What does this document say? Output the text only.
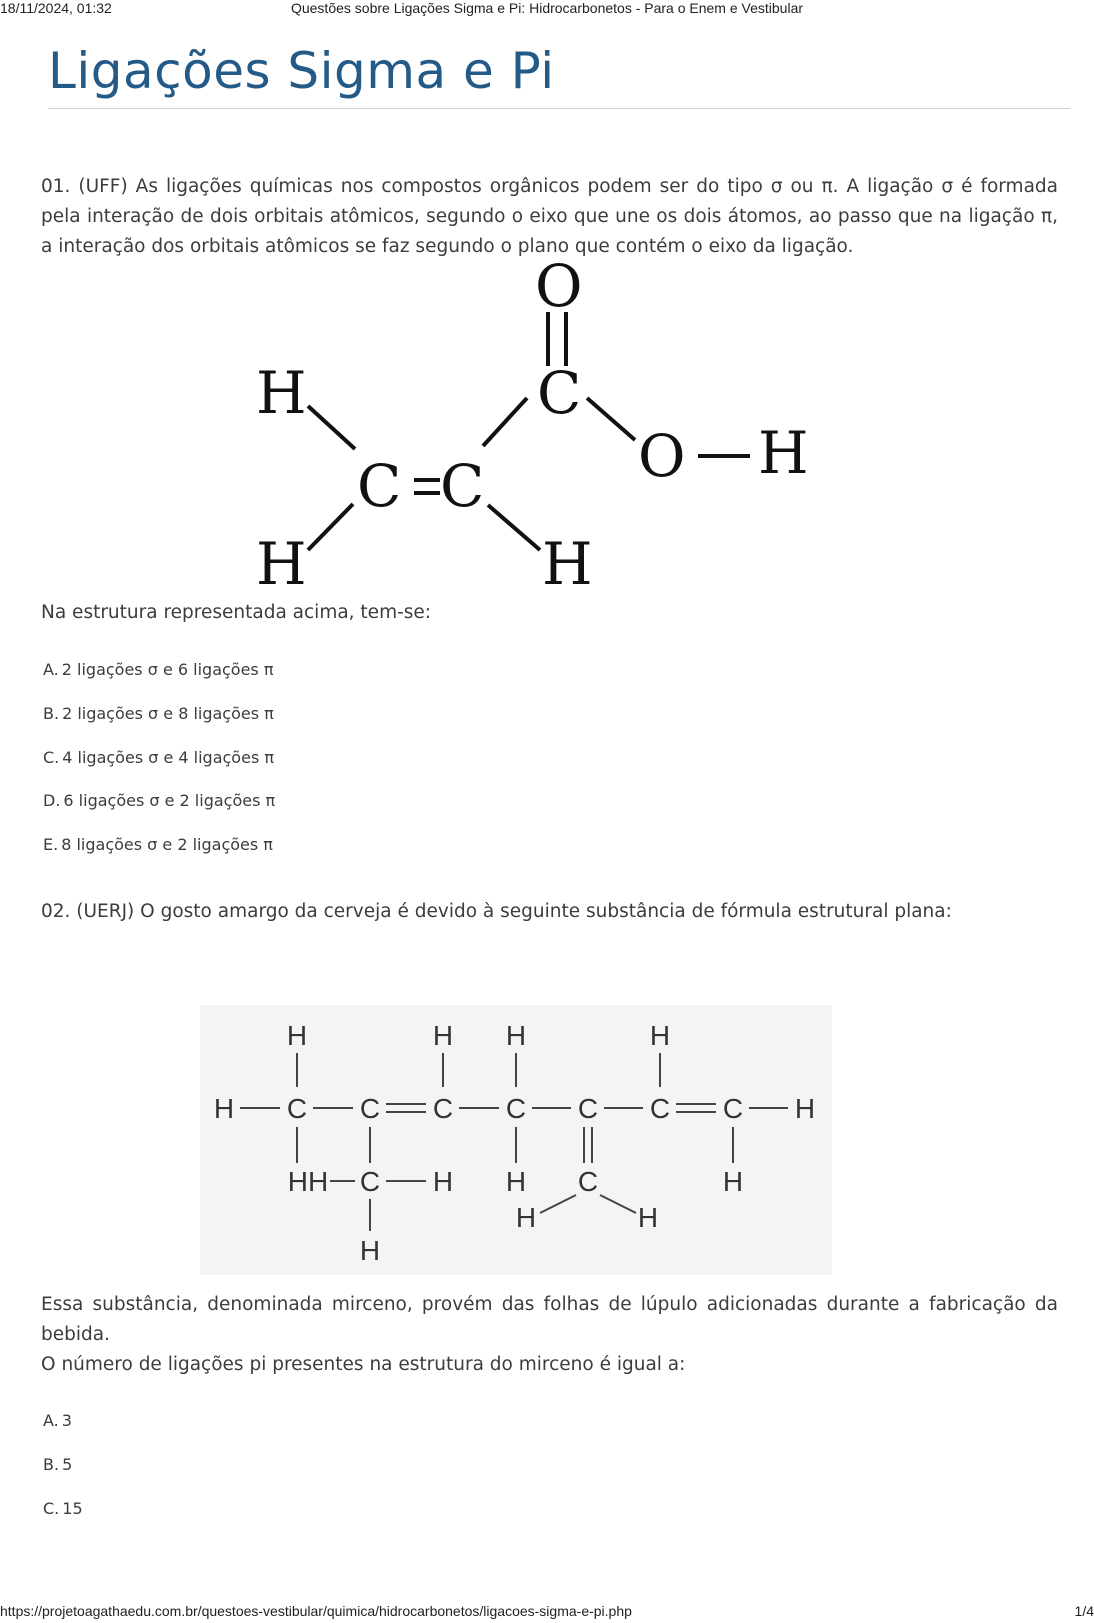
18/11/2024, 01:32	Questões sobre Ligações Sigma e Pi: Hidrocarbonetos - Para o Enem e Vestibular
Ligações Sigma e Pi
01. (UFF) As ligações químicas nos compostos orgânicos podem ser do tipo σ ou π. A ligação σ é formada pela interação de dois orbitais atômicos, segundo o eixo que une os dois átomos, ao passo que na ligação π, a interação dos orbitais atômicos se faz segundo o plano que contém o eixo da ligação.
O
H	C
O H
C C
H	H
Na estrutura representada acima, tem-se:
A. 2 ligações σ e 6 ligações π
B. 2 ligações σ e 8 ligações π
C. 4 ligações σ e 4 ligações π
D. 6 ligações σ e 2 ligações π
E. 8 ligações σ e 2 ligações π
02. (UERJ) O gosto amargo da cerveja é devido à seguinte substância de fórmula estrutural plana:
H	H H	H
H C C C C C C C H
HH C H H C	H
H
H	H
Essa substância, denominada mirceno, provém das folhas de lúpulo adicionadas durante a fabricação da bebida.
O número de ligações pi presentes na estrutura do mirceno é igual a:
A. 3
B. 5
C. 15
https://projetoagathaedu.com.br/questoes-vestibular/quimica/hidrocarbonetos/ligacoes-sigma-e-pi.php	1/4
